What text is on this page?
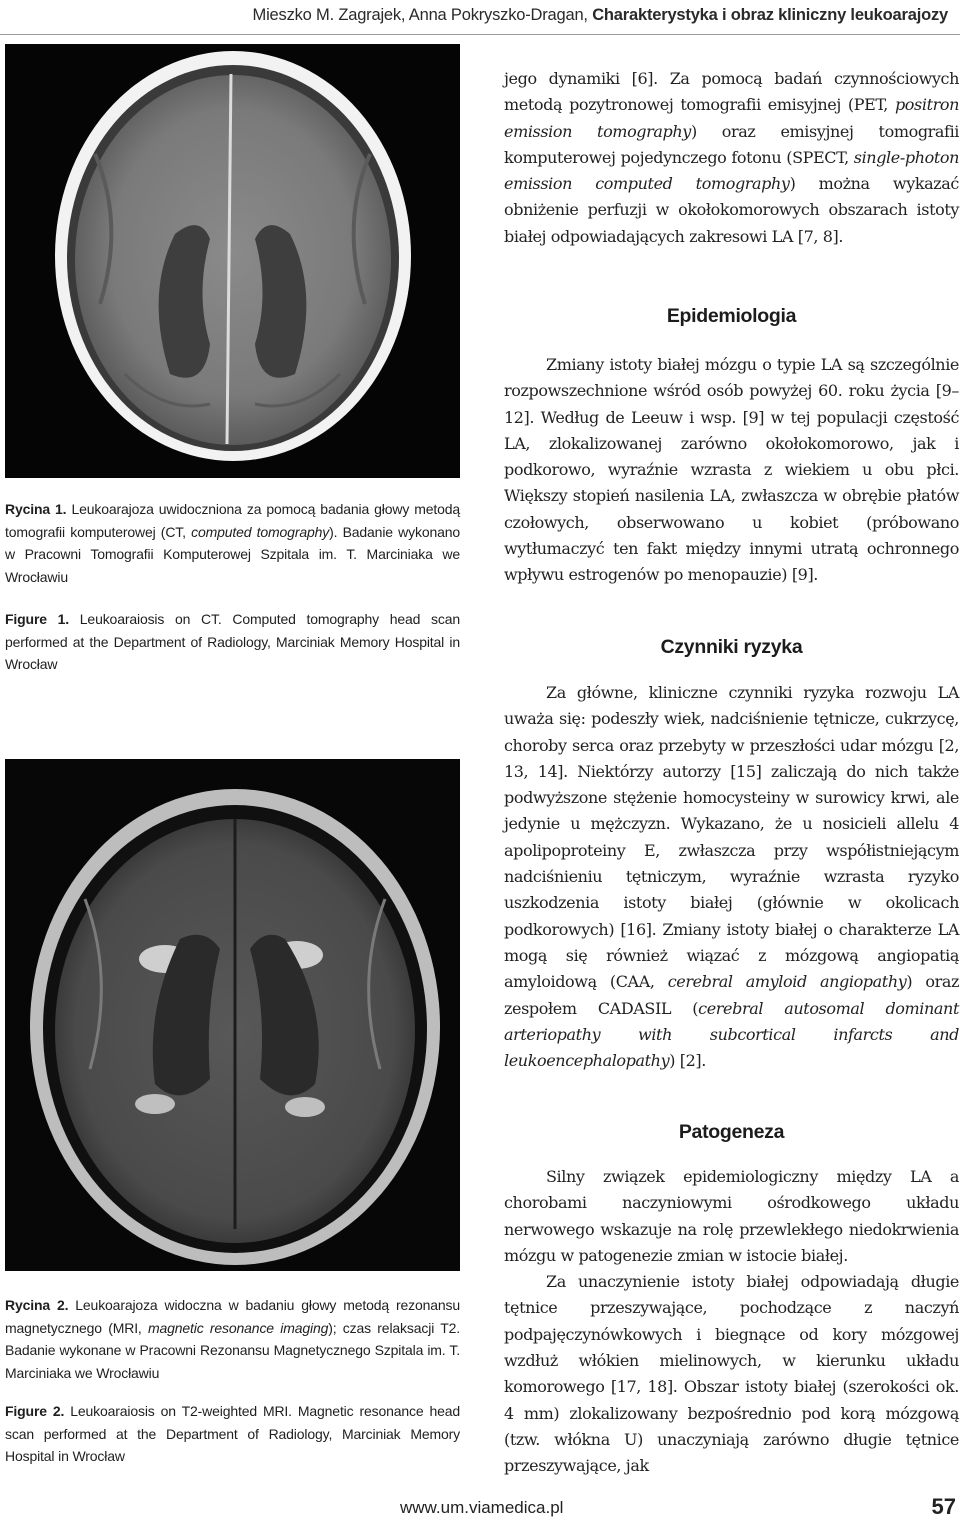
Mieszko M. Zagrajek, Anna Pokryszko-Dragan, Charakterystyka i obraz kliniczny leukoarajozy
Rycina 1. Leukoarajoza uwidoczniona za pomocą badania głowy metodą tomografii komputerowej (CT, computed tomography). Badanie wykonano w Pracowni Tomografii Komputerowej Szpitala im. T. Marciniaka we Wrocławiu
Figure 1. Leukoaraiosis on CT. Computed tomography head scan performed at the Department of Radiology, Marciniak Memory Hospital in Wrocław
Rycina 2. Leukoarajoza widoczna w badaniu głowy metodą rezonansu magnetycznego (MRI, magnetic resonance imaging); czas relaksacji T2. Badanie wykonane w Pracowni Rezonansu Magnetycznego Szpitala im. T. Marciniaka we Wrocławiu
Figure 2. Leukoaraiosis on T2-weighted MRI. Magnetic resonance head scan performed at the Department of Radiology, Marciniak Memory Hospital in Wrocław

jego dynamiki [6]. Za pomocą badań czynnościowych metodą pozytronowej tomografii emisyjnej (PET, positron emission tomography) oraz emisyjnej tomografii komputerowej pojedynczego fotonu (SPECT, single-photon emission computed tomography) można wykazać obniżenie perfuzji w okołokomorowych obszarach istoty białej odpowiadających zakresowi LA [7, 8].

Epidemiologia

Zmiany istoty białej mózgu o typie LA są szczególnie rozpowszechnione wśród osób powyżej 60. roku życia [9–12]. Według de Leeuw i wsp. [9] w tej populacji częstość LA, zlokalizowanej zarówno okołokomorowo, jak i podkorowo, wyraźnie wzrasta z wiekiem u obu płci. Większy stopień nasilenia LA, zwłaszcza w obrębie płatów czołowych, obserwowano u kobiet (próbowano wytłumaczyć ten fakt między innymi utratą ochronnego wpływu estrogenów po menopauzie) [9].

Czynniki ryzyka

Za główne, kliniczne czynniki ryzyka rozwoju LA uważa się: podeszły wiek, nadciśnienie tętnicze, cukrzycę, choroby serca oraz przebyty w przeszłości udar mózgu [2, 13, 14]. Niektórzy autorzy [15] zaliczają do nich także podwyższone stężenie homocysteiny w surowicy krwi, ale jedynie u mężczyzn. Wykazano, że u nosicieli allelu 4 apolipoproteiny E, zwłaszcza przy współistniejącym nadciśnieniu tętniczym, wyraźnie wzrasta ryzyko uszkodzenia istoty białej (głównie w okolicach podkorowych) [16]. Zmiany istoty białej o charakterze LA mogą się również wiązać z mózgową angiopatią amyloidową (CAA, cerebral amyloid angiopathy) oraz zespołem CADASIL (cerebral autosomal dominant arteriopathy with subcortical infarcts and leukoencephalopathy) [2].

Patogeneza

Silny związek epidemiologiczny między LA a chorobami naczyniowymi ośrodkowego układu nerwowego wskazuje na rolę przewlekłego niedokrwienia mózgu w patogenezie zmian w istocie białej.

Za unaczynienie istoty białej odpowiadają długie tętnice przeszywające, pochodzące z naczyń podpajęczynówkowych i biegnące od kory mózgowej wzdłuż włókien mielinowych, w kierunku układu komorowego [17, 18]. Obszar istoty białej (szerokości ok. 4 mm) zlokalizowany bezpośrednio pod korą mózgową (tzw. włókna U) unaczyniają zarówno długie tętnice przeszywające, jak

www.um.viamedica.pl	57
